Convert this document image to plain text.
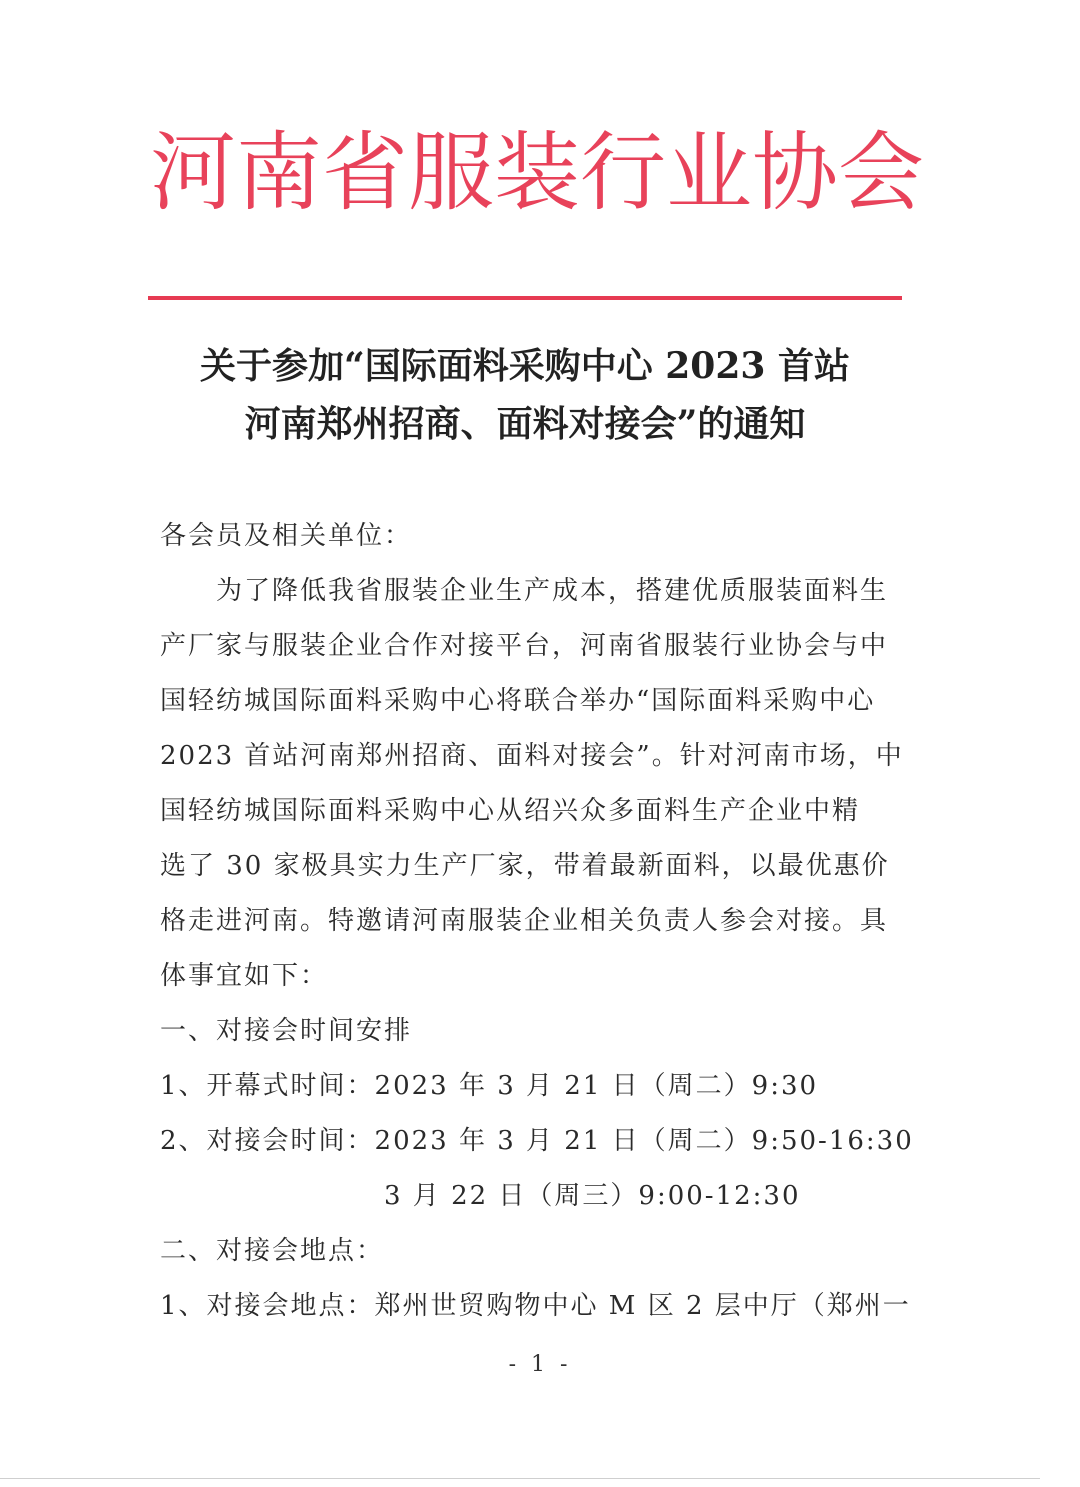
河南省服装行业协会
关于参加“国际面料采购中心 2023 首站
河南郑州招商、面料对接会”的通知
各会员及相关单位：
　　为了降低我省服装企业生产成本，搭建优质服装面料生
产厂家与服装企业合作对接平台，河南省服装行业协会与中
国轻纺城国际面料采购中心将联合举办“国际面料采购中心
2023 首站河南郑州招商、面料对接会”。针对河南市场，中
国轻纺城国际面料采购中心从绍兴众多面料生产企业中精
选了 30 家极具实力生产厂家，带着最新面料，以最优惠价
格走进河南。特邀请河南服装企业相关负责人参会对接。具
体事宜如下：
一、对接会时间安排
1、开幕式时间：2023 年 3 月 21 日（周二）9:30
2、对接会时间：2023 年 3 月 21 日（周二）9:50-16:30
　　　　　　　　3 月 22 日（周三）9:00-12:30
二、对接会地点：
1、对接会地点：郑州世贸购物中心 M 区 2 层中厅（郑州一
- 1 -
